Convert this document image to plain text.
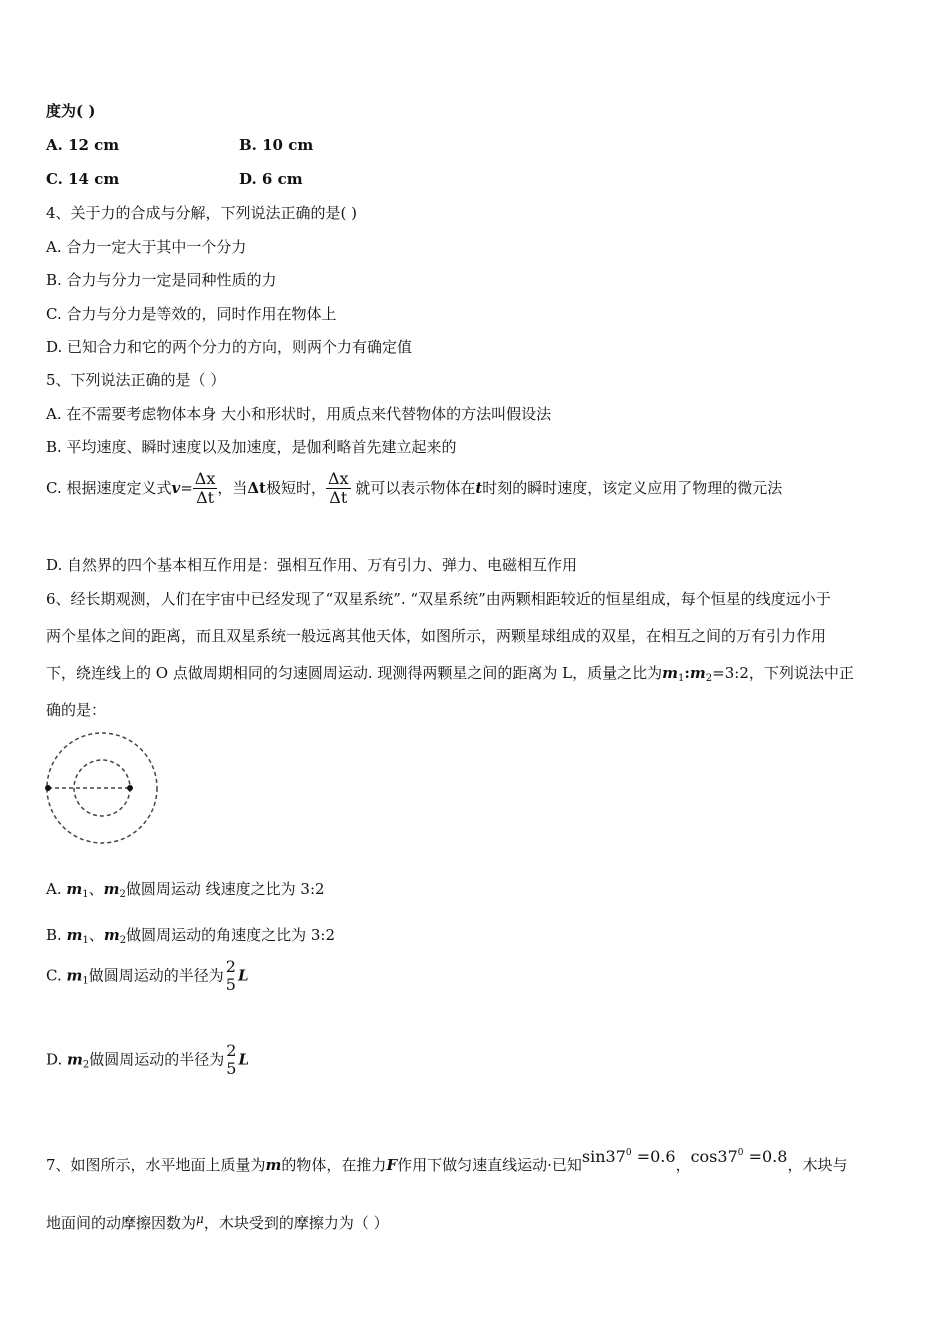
度为( )
A. 12 cm	B. 10 cm
C. 14 cm	D. 6 cm
4、关于力的合成与分解，下列说法正确的是( )
A. 合力一定大于其中一个分力
B. 合力与分力一定是同种性质的力
C. 合力与分力是等效的，同时作用在物体上
D. 已知合力和它的两个分力的方向，则两个力有确定值
5、下列说法正确的是（ ）
A. 在不需要考虑物体本身 大小和形状时，用质点来代替物体的方法叫假设法
B. 平均速度、瞬时速度以及加速度，是伽利略首先建立起来的
C. 根据速度定义式$v= \frac{\Delta x}{\Delta t}$ ，当Δt极短时， $\frac{\Delta x}{\Delta t}$ 就可以表示物体在t时刻的瞬时速度，该定义应用了物理的微元法
D. 自然界的四个基本相互作用是：强相互作用、万有引力、弹力、电磁相互作用
6、经长期观测，人们在宇宙中已经发现了“双星系统”. “双星系统”由两颗相距较近的恒星组成，每个恒星的线度远小于
两个星体之间的距离，而且双星系统一般远离其他天体，如图所示，两颗星球组成的双星，在相互之间的万有引力作用
下，绕连线上的 O 点做周期相同的匀速圆周运动. 现测得两颗星之间的距离为 L，质量之比为$m_1:m_2=3:2$，下列说法中正
确的是：
A. $m_1$、$m_2$做圆周运动 线速度之比为 3:2
B. $m_1$、$m_2$做圆周运动的角速度之比为 3:2
C. $m_1$做圆周运动的半径为 2
5 L
D. $m_2$做圆周运动的半径为 2
5 L
7、如图所示，水平地面上质量为m的物体，在推力F作用下做匀速直线运动·已知$\sin 37^0 =0.6$，$\cos 37^0 =0.8$，木块与
地面间的动摩擦因数为$^\mu$，木块受到的摩擦力为（ ）
